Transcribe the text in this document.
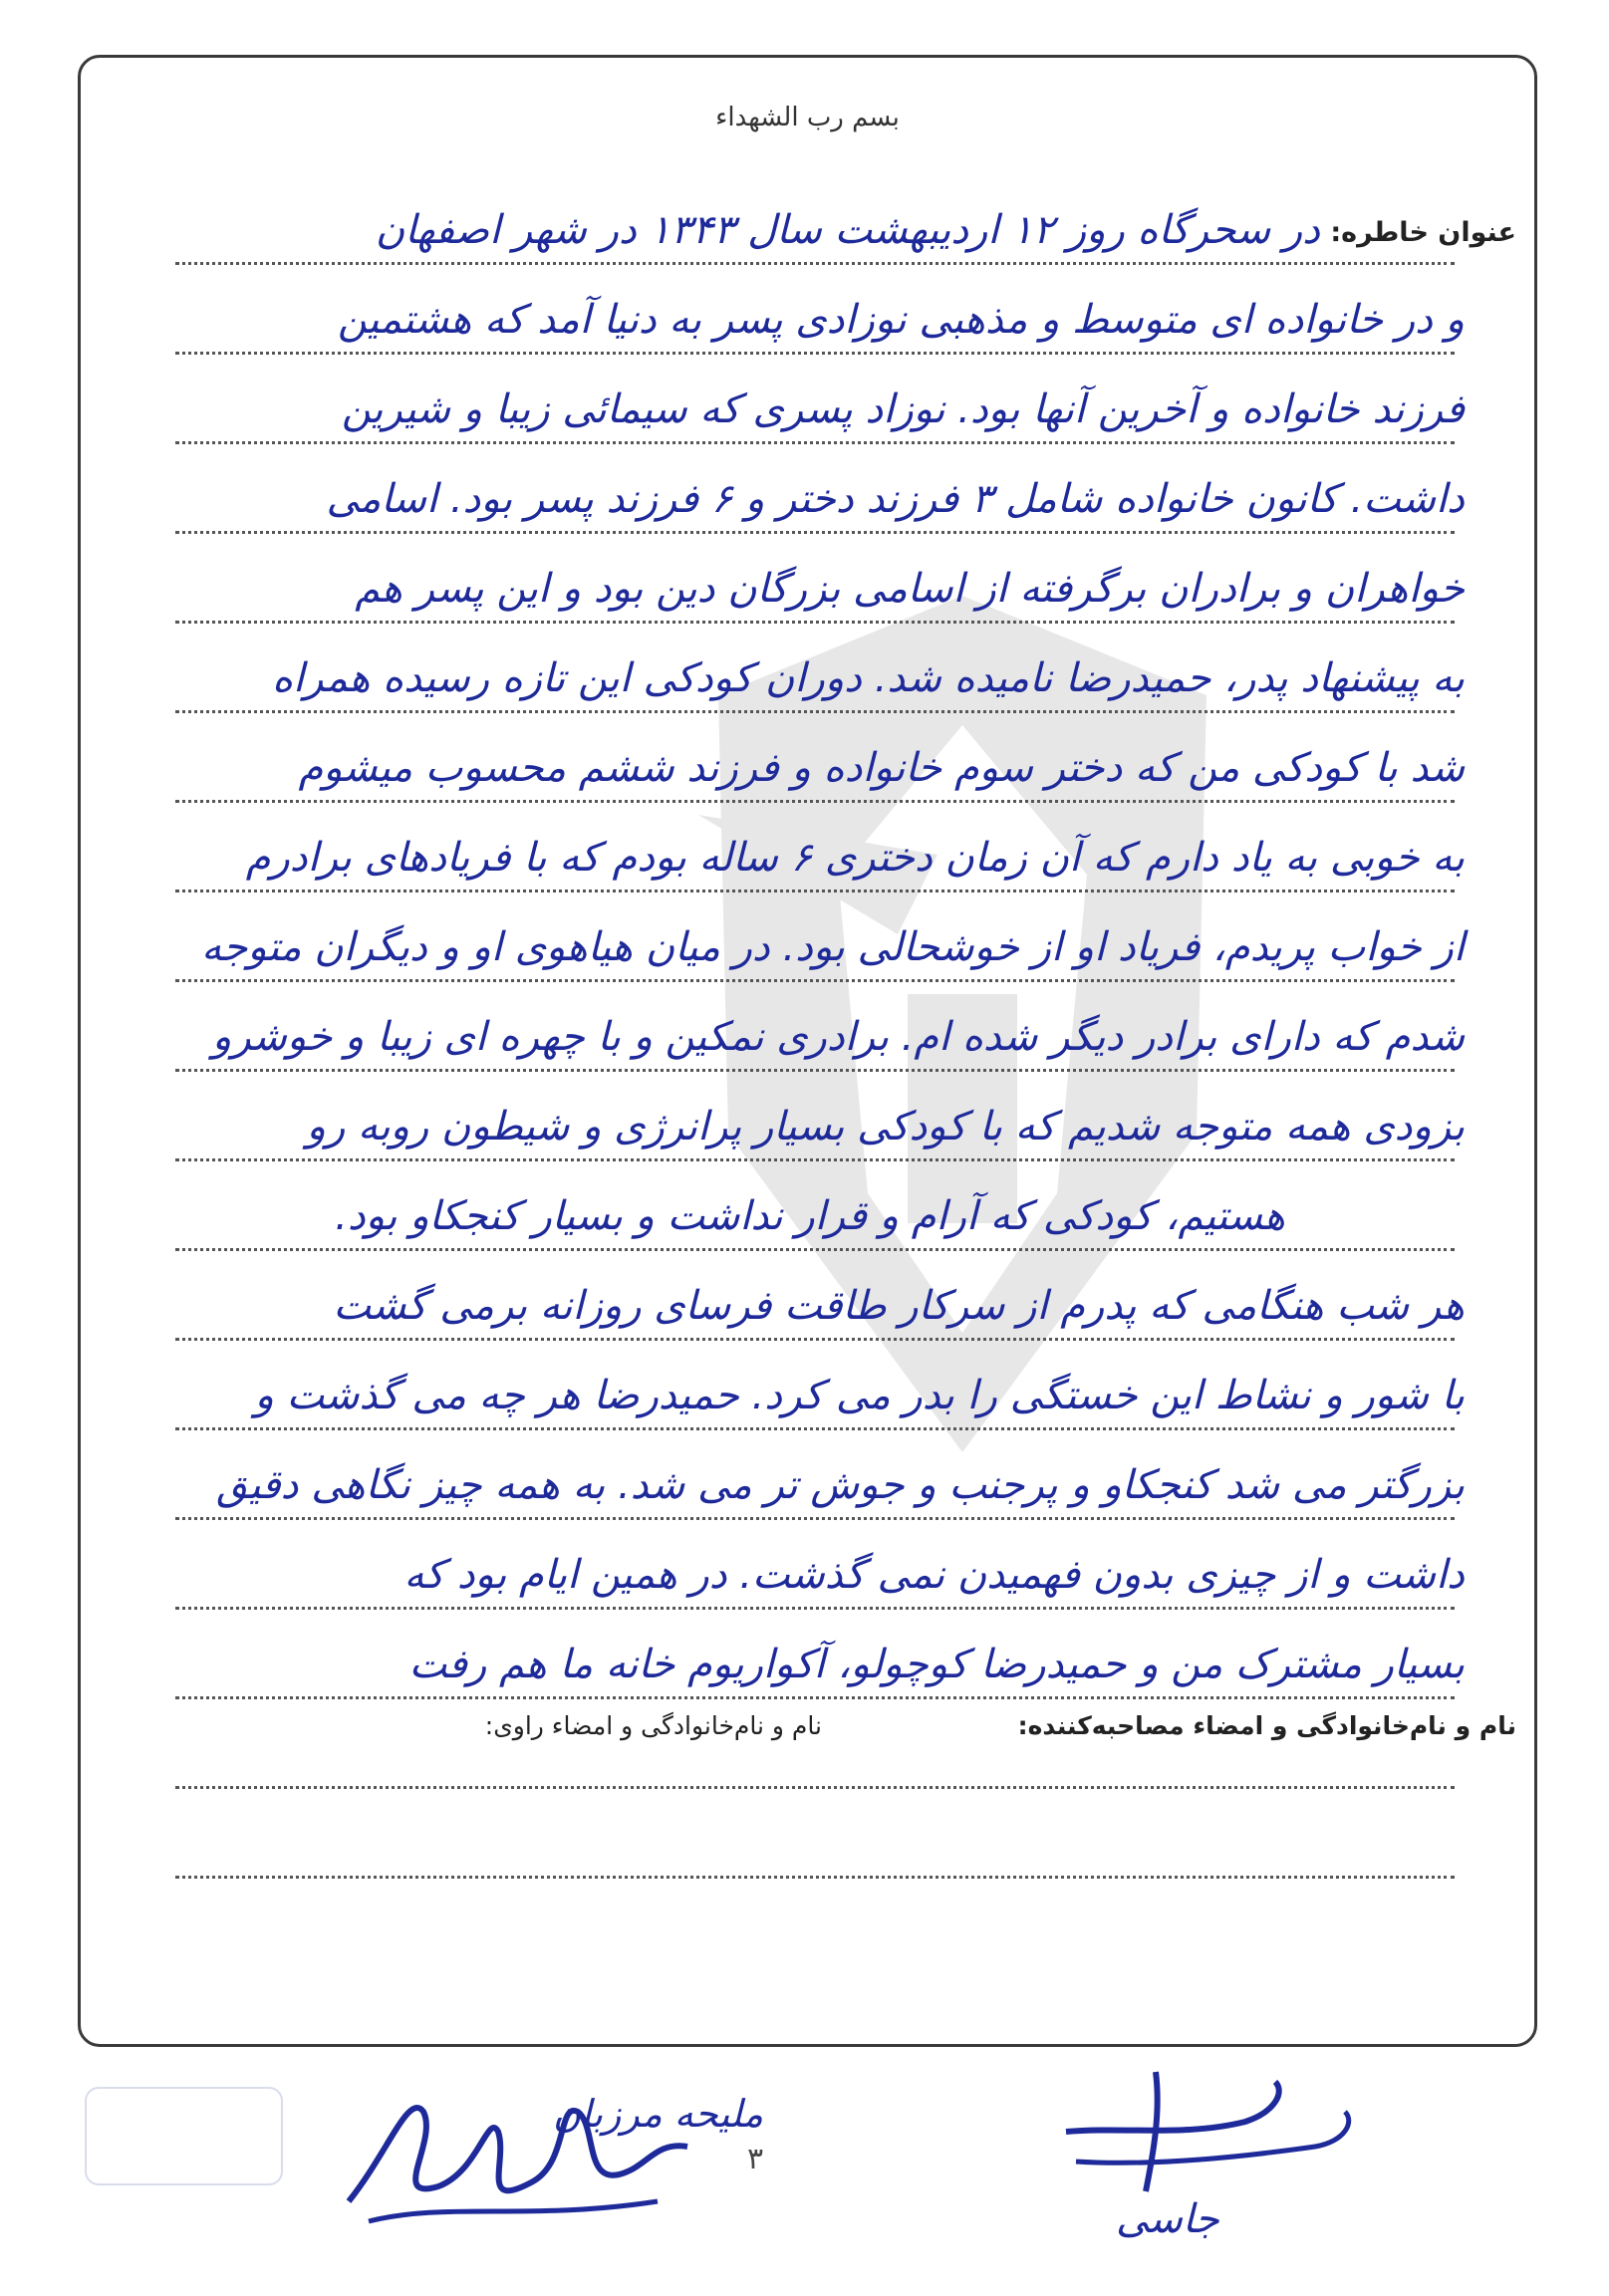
بسم رب الشهداء
عنوان خاطره:
در سحرگاه روز ۱۲ اردیبهشت سال ۱۳۴۳ در شهر اصفهان
و در خانواده ای متوسط و مذهبی نوزادی پسر به دنیا آمد که هشتمین
فرزند خانواده و آخرین آنها بود. نوزاد پسری که سیمائی زیبا و شیرین
داشت. کانون خانواده شامل ۳ فرزند دختر و ۶ فرزند پسر بود. اسامی
خواهران و برادران برگرفته از اسامی بزرگان دین بود و این پسر هم
به پیشنهاد پدر، حمیدرضا نامیده شد. دوران کودکی این تازه رسیده همراه
شد با کودکی من که دختر سوم خانواده و فرزند ششم محسوب میشوم
به خوبی به یاد دارم که آن زمان دختری ۶ ساله بودم که با فریادهای برادرم
از خواب پریدم، فریاد او از خوشحالی بود. در میان هیاهوی او و دیگران متوجه
شدم که دارای برادر دیگر شده ام. برادری نمکین و با چهره ای زیبا و خوشرو
بزودی همه متوجه شدیم که با کودکی بسیار پرانرژی و شیطون روبه رو
هستیم، کودکی که آرام و قرار نداشت و بسیار کنجکاو بود.
هر شب هنگامی که پدرم از سرکار طاقت فرسای روزانه برمی گشت
با شور و نشاط این خستگی را بدر می کرد. حمیدرضا هر چه می گذشت و
بزرگتر می شد کنجکاو و پرجنب و جوش تر می شد. به همه چیز نگاهی دقیق
داشت و از چیزی بدون فهمیدن نمی گذشت. در همین ایام بود که
بسیار مشترک من و حمیدرضا کوچولو، آکواریوم خانه ما هم رفت
نام و نام‌خانوادگی و امضاء مصاحبه‌کننده:
نام و نام‌خانوادگی و امضاء راوی:
ملیحه مرزبان
۳
جاسی
